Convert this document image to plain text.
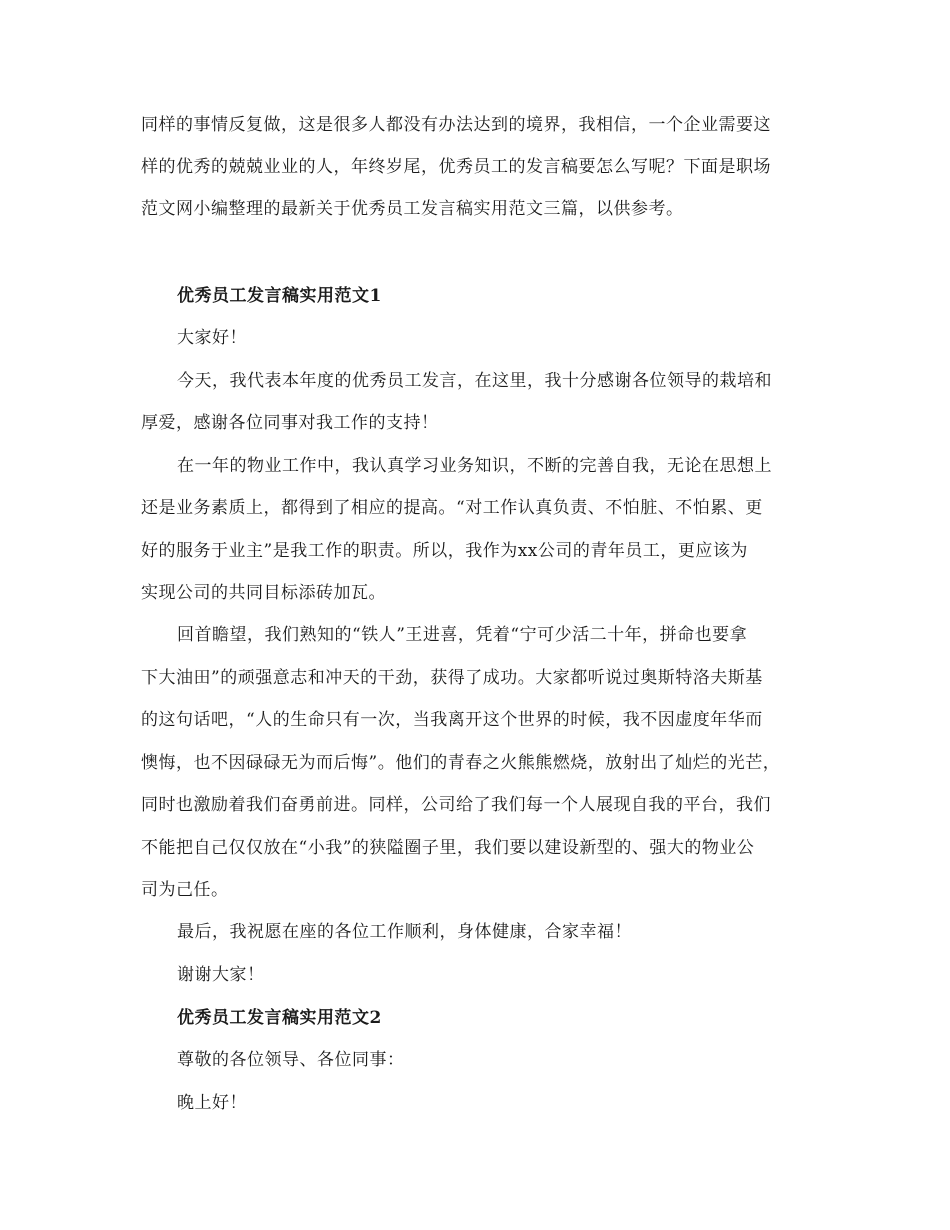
同样的事情反复做，这是很多人都没有办法达到的境界，我相信，一个企业需要这
样的优秀的兢兢业业的人，年终岁尾，优秀员工的发言稿要怎么写呢？下面是职场
范文网小编整理的最新关于优秀员工发言稿实用范文三篇，以供参考。
优秀员工发言稿实用范文1
大家好！
今天，我代表本年度的优秀员工发言，在这里，我十分感谢各位领导的栽培和
厚爱，感谢各位同事对我工作的支持！
在一年的物业工作中，我认真学习业务知识，不断的完善自我，无论在思想上
还是业务素质上，都得到了相应的提高。“对工作认真负责、不怕脏、不怕累、更
好的服务于业主”是我工作的职责。所以，我作为xx公司的青年员工，更应该为
实现公司的共同目标添砖加瓦。
回首瞻望，我们熟知的“铁人”王进喜，凭着“宁可少活二十年，拼命也要拿
下大油田”的顽强意志和冲天的干劲，获得了成功。大家都听说过奥斯特洛夫斯基
的这句话吧，“人的生命只有一次，当我离开这个世界的时候，我不因虚度年华而
懊悔，也不因碌碌无为而后悔”。他们的青春之火熊熊燃烧，放射出了灿烂的光芒，
同时也激励着我们奋勇前进。同样，公司给了我们每一个人展现自我的平台，我们
不能把自己仅仅放在“小我”的狭隘圈子里，我们要以建设新型的、强大的物业公
司为己任。
最后，我祝愿在座的各位工作顺利，身体健康，合家幸福！
谢谢大家！
优秀员工发言稿实用范文2
尊敬的各位领导、各位同事：
晚上好！
